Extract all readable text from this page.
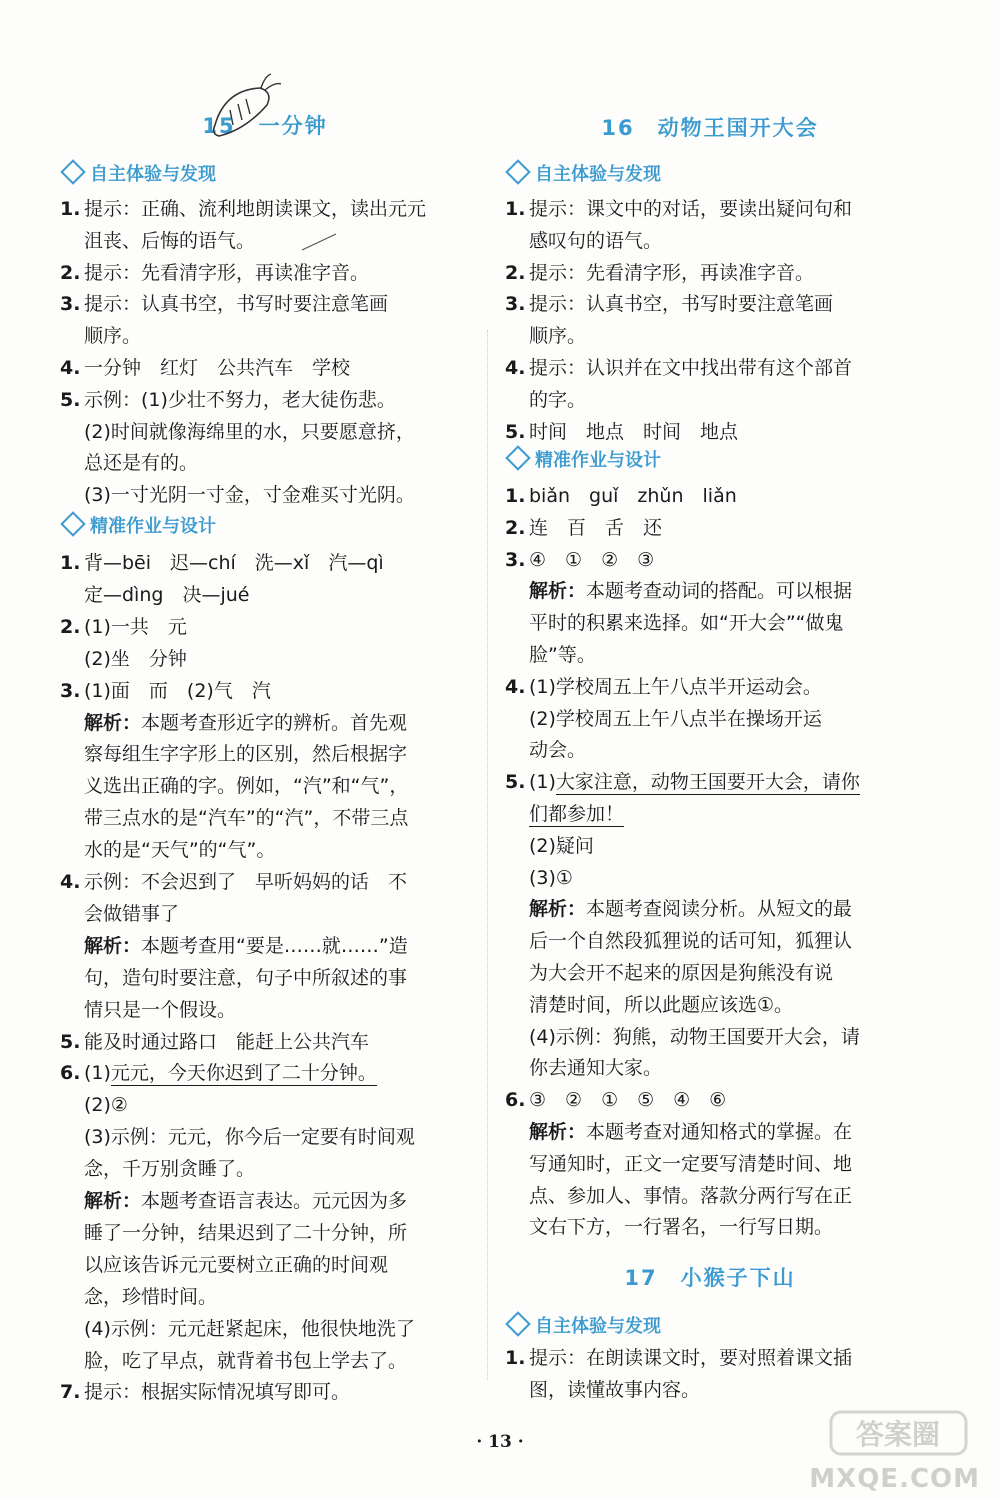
15　一分钟
自主体验与发现
1. 提示：正确、流利地朗读课文，读出元元
沮丧、后悔的语气。
2. 提示：先看清字形，再读准字音。
3. 提示：认真书空，书写时要注意笔画
顺序。
4. 一分钟　红灯　公共汽车　学校
5. 示例：(1)少壮不努力，老大徒伤悲。
(2)时间就像海绵里的水，只要愿意挤，
总还是有的。
(3)一寸光阴一寸金，寸金难买寸光阴。
精准作业与设计
1. 背—bēi　迟—chí　洗—xǐ　汽—qì
定—dìng　决—jué
2. (1)一共　元
(2)坐　分钟
3. (1)面　而　(2)气　汽
解析：本题考查形近字的辨析。首先观
察每组生字字形上的区别，然后根据字
义选出正确的字。例如，“汽”和“气”，
带三点水的是“汽车”的“汽”，不带三点
水的是“天气”的“气”。
4. 示例：不会迟到了　早听妈妈的话　不
会做错事了
解析：本题考查用“要是……就……”造
句，造句时要注意，句子中所叙述的事
情只是一个假设。
5. 能及时通过路口　能赶上公共汽车
6. (1)元元，今天你迟到了二十分钟。
(2)②
(3)示例：元元，你今后一定要有时间观
念，千万别贪睡了。
解析：本题考查语言表达。元元因为多
睡了一分钟，结果迟到了二十分钟，所
以应该告诉元元要树立正确的时间观
念，珍惜时间。
(4)示例：元元赶紧起床，他很快地洗了
脸，吃了早点，就背着书包上学去了。
7. 提示：根据实际情况填写即可。
16　动物王国开大会
自主体验与发现
1. 提示：课文中的对话，要读出疑问句和
感叹句的语气。
2. 提示：先看清字形，再读准字音。
3. 提示：认真书空，书写时要注意笔画
顺序。
4. 提示：认识并在文中找出带有这个部首
的字。
5. 时间　地点　时间　地点
精准作业与设计
1. biǎn　guǐ　zhǔn　liǎn
2. 连　百　舌　还
3. ④　①　②　③
解析：本题考查动词的搭配。可以根据
平时的积累来选择。如“开大会”“做鬼
脸”等。
4. (1)学校周五上午八点半开运动会。
(2)学校周五上午八点半在操场开运
动会。
5. (1)大家注意，动物王国要开大会，请你
们都参加！
(2)疑问
(3)①
解析：本题考查阅读分析。从短文的最
后一个自然段狐狸说的话可知，狐狸认
为大会开不起来的原因是狗熊没有说
清楚时间，所以此题应该选①。
(4)示例：狗熊，动物王国要开大会，请
你去通知大家。
6. ③　②　①　⑤　④　⑥
解析：本题考查对通知格式的掌握。在
写通知时，正文一定要写清楚时间、地
点、参加人、事情。落款分两行写在正
文右下方，一行署名，一行写日期。
17　小猴子下山
自主体验与发现
1. 提示：在朗读课文时，要对照着课文插
图，读懂故事内容。
· 13 ·	答案圈
MXQE.COM
